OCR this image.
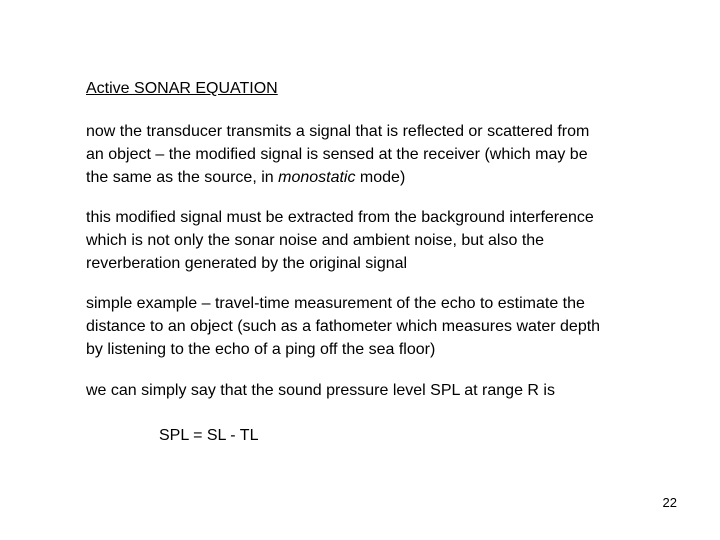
Active SONAR EQUATION
now the transducer transmits a signal that is reflected or scattered from
an object – the modified signal is sensed at the receiver (which may be
the same as the source, in monostatic mode)
this modified signal must be extracted from the background interference
which is not only the sonar noise and ambient noise, but also the
reverberation generated by the original signal
simple example – travel-time measurement of the echo to estimate the
distance to an object (such as a fathometer which measures water depth
by listening to the echo of a ping off the sea floor)
we can simply say that the sound pressure level SPL at range R is
SPL = SL - TL
22
